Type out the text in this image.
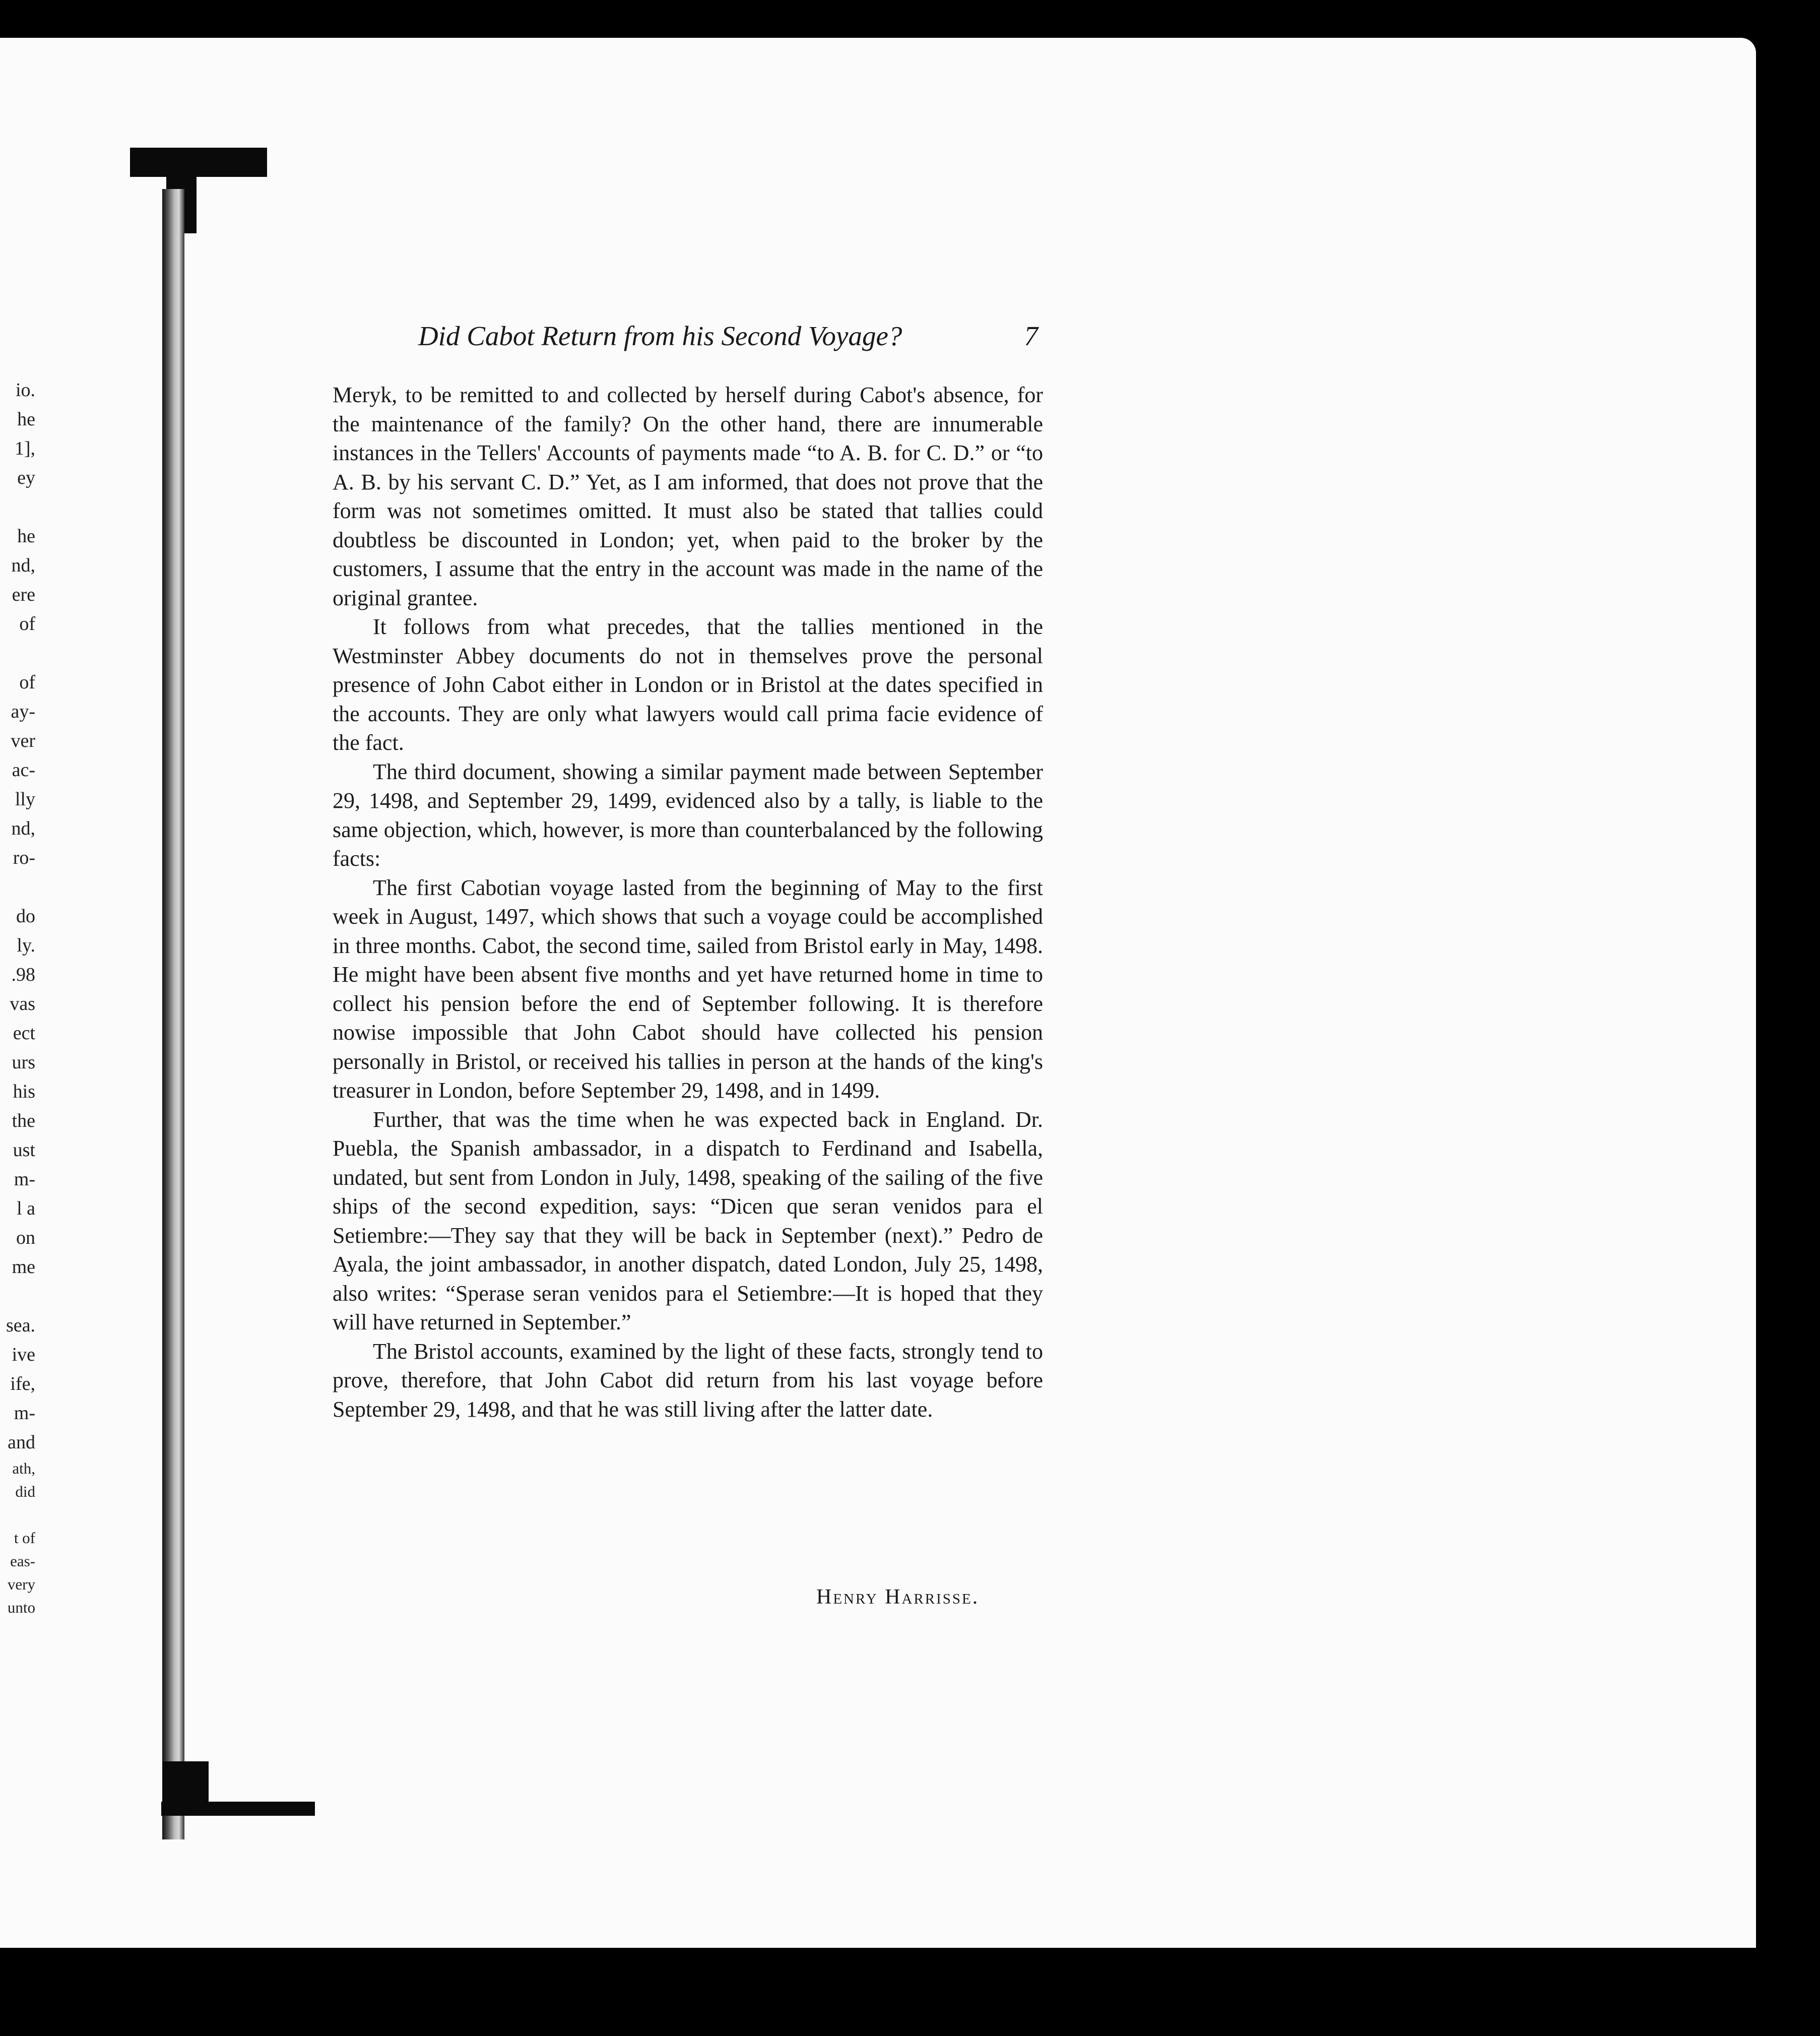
io.
he
1],
ey
he
nd,
ere
of
of
ay-
ver
ac-
lly
nd,
ro-
do
ly.
.98
vas
ect
urs
his
the
ust
m-
l a
on
me
sea.
ive
ife,
m-
and
ath,
did
t of
eas-
very
unto
Did Cabot Return from his Second Voyage?	7

Meryk, to be remitted to and collected by herself during Cabot's absence, for the maintenance of the family? On the other hand, there are innumerable instances in the Tellers' Accounts of payments made “to A. B. for C. D.” or “to A. B. by his servant C. D.” Yet, as I am informed, that does not prove that the form was not sometimes omitted. It must also be stated that tallies could doubtless be discounted in London; yet, when paid to the broker by the customers, I assume that the entry in the account was made in the name of the original grantee.

It follows from what precedes, that the tallies mentioned in the Westminster Abbey documents do not in themselves prove the personal presence of John Cabot either in London or in Bristol at the dates specified in the accounts. They are only what lawyers would call prima facie evidence of the fact.

The third document, showing a similar payment made between September 29, 1498, and September 29, 1499, evidenced also by a tally, is liable to the same objection, which, however, is more than counterbalanced by the following facts:

The first Cabotian voyage lasted from the beginning of May to the first week in August, 1497, which shows that such a voyage could be accomplished in three months. Cabot, the second time, sailed from Bristol early in May, 1498. He might have been absent five months and yet have returned home in time to collect his pension before the end of September following. It is therefore nowise impossible that John Cabot should have collected his pension personally in Bristol, or received his tallies in person at the hands of the king's treasurer in London, before September 29, 1498, and in 1499.

Further, that was the time when he was expected back in England. Dr. Puebla, the Spanish ambassador, in a dispatch to Ferdinand and Isabella, undated, but sent from London in July, 1498, speaking of the sailing of the five ships of the second expedition, says: “Dicen que seran venidos para el Setiembre:—They say that they will be back in September (next).” Pedro de Ayala, the joint ambassador, in another dispatch, dated London, July 25, 1498, also writes: “Sperase seran venidos para el Setiembre:—It is hoped that they will have returned in September.”

The Bristol accounts, examined by the light of these facts, strongly tend to prove, therefore, that John Cabot did return from his last voyage before September 29, 1498, and that he was still living after the latter date.

Henry Harrisse.
